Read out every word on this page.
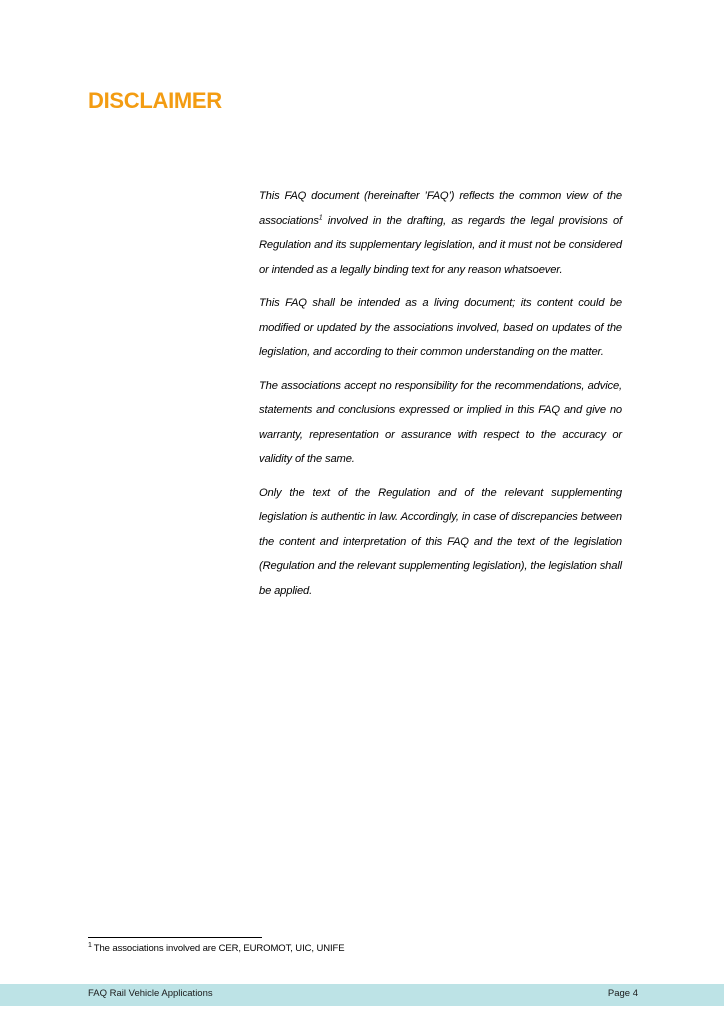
DISCLAIMER

This FAQ document (hereinafter ’FAQ’) reflects the common view of the associations$^1$ involved in the drafting, as regards the legal provisions of Regulation and its supplementary legislation, and it must not be considered or intended as a legally binding text for any reason whatsoever.

This FAQ shall be intended as a living document; its content could be modified or updated by the associations involved, based on updates of the legislation, and according to their common understanding on the matter.

The associations accept no responsibility for the recommendations, advice, statements and conclusions expressed or implied in this FAQ and give no warranty, representation or assurance with respect to the accuracy or validity of the same.

Only the text of the Regulation and of the relevant supplementing legislation is authentic in law. Accordingly, in case of discrepancies between the content and interpretation of this FAQ and the text of the legislation (Regulation and the relevant supplementing legislation), the legislation shall be applied.

$^1$ The associations involved are CER, EUROMOT, UIC, UNIFE
FAQ Rail Vehicle Applications	Page 4
